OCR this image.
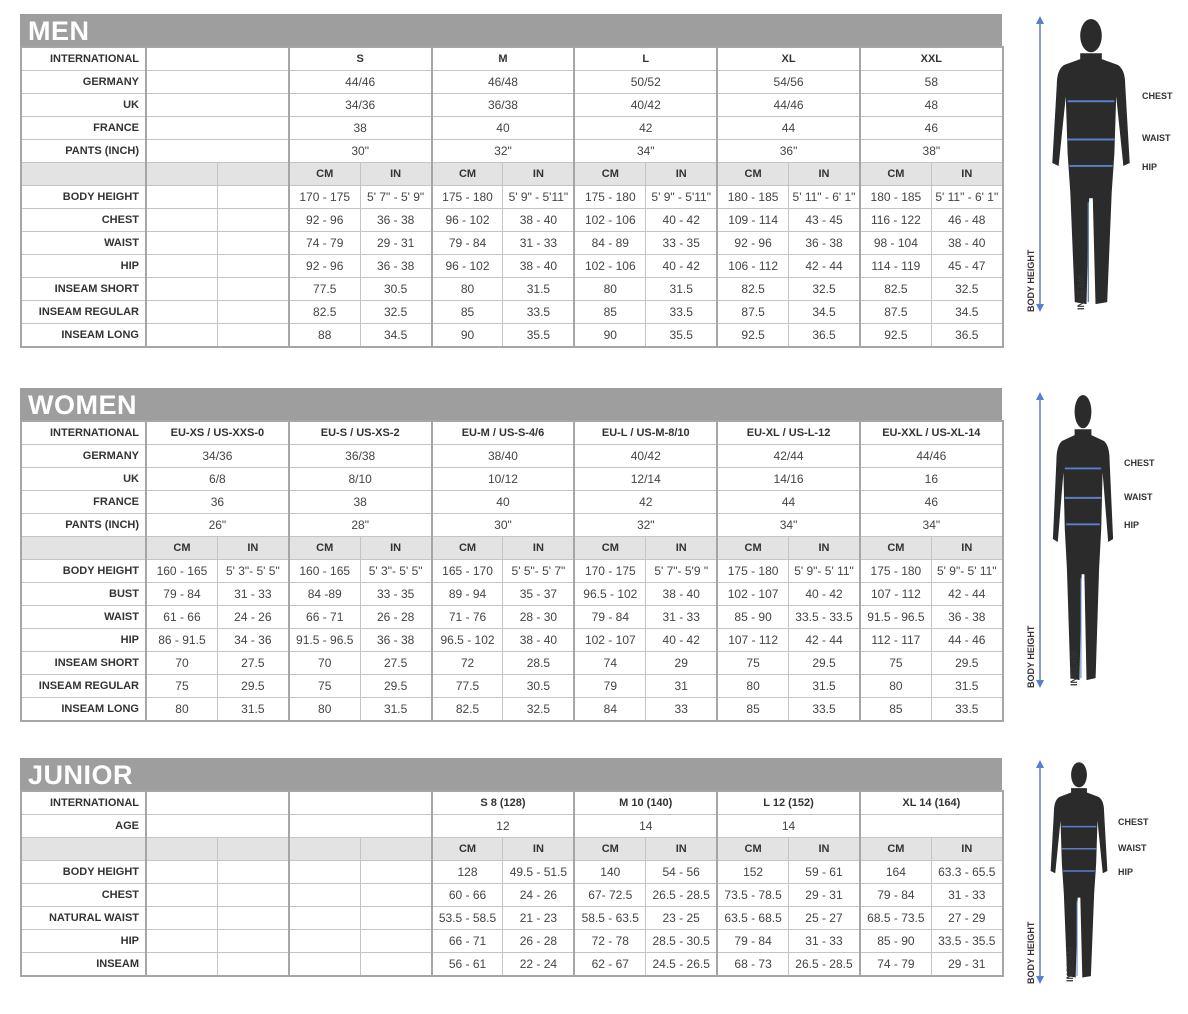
MEN
INTERNATIONAL			S		M		L		XL		XXL	
GERMANY			44/46		46/48		50/52		54/56		58	
UK			34/36		36/38		40/42		44/46		48	
FRANCE			38		40		42		44		46	
PANTS (INCH)			30"		32"		34"		36"		38"	
			CM	IN	CM	IN	CM	IN	CM	IN	CM	IN
BODY HEIGHT			170 - 175	5' 7" - 5' 9"	175 - 180	5' 9" - 5'11"	175 - 180	5' 9" - 5'11"	180 - 185	5' 11" - 6' 1"	180 - 185	5' 11" - 6' 1"
CHEST			92 - 96	36 - 38	96 - 102	38 - 40	102 - 106	40 - 42	109 - 114	43 - 45	116 - 122	46 - 48
WAIST			74 - 79	29 - 31	79 - 84	31 - 33	84 - 89	33 - 35	92 - 96	36 - 38	98 - 104	38 - 40
HIP			92 - 96	36 - 38	96 - 102	38 - 40	102 - 106	40 - 42	106 - 112	42 - 44	114 - 119	45 - 47
INSEAM SHORT			77.5	30.5	80	31.5	80	31.5	82.5	32.5	82.5	32.5
INSEAM REGULAR			82.5	32.5	85	33.5	85	33.5	87.5	34.5	87.5	34.5
INSEAM LONG			88	34.5	90	35.5	90	35.5	92.5	36.5	92.5	36.5
WOMEN
INTERNATIONAL	EU-XS / US-XXS-0		EU-S / US-XS-2		EU-M / US-S-4/6		EU-L / US-M-8/10		EU-XL / US-L-12		EU-XXL / US-XL-14	
GERMANY	34/36		36/38		38/40		40/42		42/44		44/46	
UK	6/8		8/10		10/12		12/14		14/16		16	
FRANCE	36		38		40		42		44		46	
PANTS (INCH)	26"		28"		30"		32"		34"		34"	
	CM	IN	CM	IN	CM	IN	CM	IN	CM	IN	CM	IN
BODY HEIGHT	160 - 165	5' 3"- 5' 5"	160 - 165	5' 3"- 5' 5"	165 - 170	5' 5"- 5' 7"	170 - 175	5' 7"- 5'9 "	175 - 180	5' 9"- 5' 11"	175 - 180	5' 9"- 5' 11"
BUST	79 - 84	31 - 33	84 -89	33 - 35	89 - 94	35 - 37	96.5 - 102	38 - 40	102 - 107	40 - 42	107 - 112	42 - 44
WAIST	61 - 66	24 - 26	66 - 71	26 - 28	71 - 76	28 - 30	79 - 84	31 - 33	85 - 90	33.5 - 33.5	91.5 - 96.5	36 - 38
HIP	86 - 91.5	34 - 36	91.5 - 96.5	36 - 38	96.5 - 102	38 - 40	102 - 107	40 - 42	107 - 112	42 - 44	112 - 117	44 - 46
INSEAM SHORT	70	27.5	70	27.5	72	28.5	74	29	75	29.5	75	29.5
INSEAM REGULAR	75	29.5	75	29.5	77.5	30.5	79	31	80	31.5	80	31.5
INSEAM LONG	80	31.5	80	31.5	82.5	32.5	84	33	85	33.5	85	33.5
JUNIOR
INTERNATIONAL					S 8 (128)		M 10 (140)		L 12 (152)		XL 14 (164)	
AGE					12		14		14			
					CM	IN	CM	IN	CM	IN	CM	IN
BODY HEIGHT					128	49.5 - 51.5	140	54 - 56	152	59 - 61	164	63.3 - 65.5
CHEST					60 - 66	24 - 26	67- 72.5	26.5 - 28.5	73.5 - 78.5	29 - 31	79 - 84	31 - 33
NATURAL WAIST					53.5 - 58.5	21 - 23	58.5 - 63.5	23 - 25	63.5 - 68.5	25 - 27	68.5 - 73.5	27 - 29
HIP					66 - 71	26 - 28	72 - 78	28.5 - 30.5	79 - 84	31 - 33	85 - 90	33.5 - 35.5
INSEAM					56 - 61	22 - 24	62 - 67	24.5 - 26.5	68 - 73	26.5 - 28.5	74 - 79	29 - 31
CHEST
WAIST
HIP
BODY HEIGHT	INSEAM
CHEST
WAIST
HIP
BODY HEIGHT	INSEAM
CHEST
WAIST
HIP
BODY HEIGHT	INSEAM
